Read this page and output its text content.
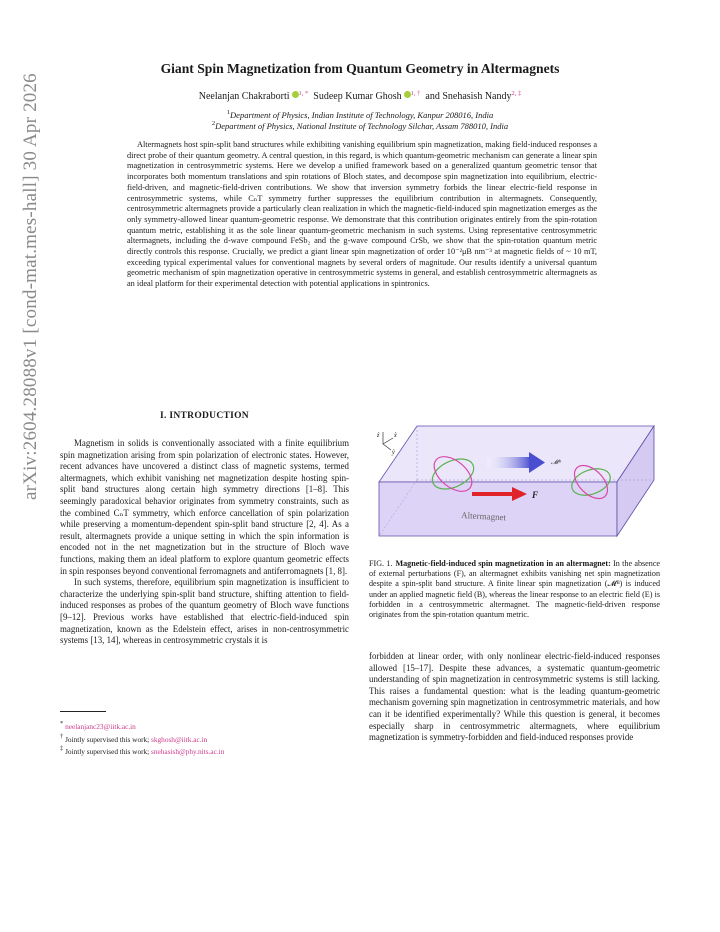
arXiv:2604.28088v1 [cond-mat.mes-hall] 30 Apr 2026
Giant Spin Magnetization from Quantum Geometry in Altermagnets
Neelanjan Chakraborti $^{1, *}$ Sudeep Kumar Ghosh $^{1, \dagger}$ and Snehasish Nandy$^{2, \ddagger}$
$^1$Department of Physics, Indian Institute of Technology, Kanpur 208016, India
$^2$Department of Physics, National Institute of Technology Silchar, Assam 788010, India
Altermagnets host spin-split band structures while exhibiting vanishing equilibrium spin magnetization, making field-induced responses a direct probe of their quantum geometry. A central question, in this regard, is which quantum-geometric mechanism can generate a linear spin magnetization in centrosymmetric systems. Here we develop a unified framework based on a generalized quantum geometric tensor that incorporates both momentum translations and spin rotations of Bloch states, and decompose spin magnetization into equilibrium, electric-field-driven, and magnetic-field-driven contributions. We show that inversion symmetry forbids the linear electric-field response in centrosymmetric systems, while CₙT symmetry further suppresses the equilibrium contribution in altermagnets. Consequently, centrosymmetric altermagnets provide a particularly clean realization in which the magnetic-field-induced spin magnetization emerges as the only symmetry-allowed linear quantum-geometric response. We demonstrate that this contribution originates entirely from the spin-rotation quantum metric, establishing it as the sole linear quantum-geometric mechanism in such systems. Using representative centrosymmetric altermagnets, including the d-wave compound FeSb₂ and the g-wave compound CrSb, we show that the spin-rotation quantum metric directly controls this response. Crucially, we predict a giant linear spin magnetization of order 10⁻²μB nm⁻³ at magnetic fields of ~ 10 mT, exceeding typical experimental values for conventional magnets by several orders of magnitude. Our results identify a universal quantum geometric mechanism of spin magnetization operative in centrosymmetric systems in general, and establish centrosymmetric altermagnets as an ideal platform for their experimental detection with potential applications in spintronics.
I. INTRODUCTION

Magnetism in solids is conventionally associated with a finite equilibrium spin magnetization arising from spin polarization of electronic states. However, recent advances have uncovered a distinct class of magnetic systems, termed altermagnets, which exhibit vanishing net magnetization despite hosting spin-split band structures along certain high symmetry directions [1–8]. This seemingly paradoxical behavior originates from symmetry constraints, such as the combined CₙT symmetry, which enforce cancellation of spin polarization while preserving a momentum-dependent spin-split band structure [2, 4]. As a result, altermagnets provide a unique setting in which the spin information is encoded not in the net magnetization but in the structure of Bloch wave functions, making them an ideal platform to explore quantum geometric effects in spin responses beyond conventional ferromagnets and antiferromagnets [1, 8].

In such systems, therefore, equilibrium spin magnetization is insufficient to characterize the underlying spin-split band structure, shifting attention to field-induced responses as probes of the quantum geometry of Bloch wave functions [9–12]. Previous works have established that electric-field-induced spin magnetization, known as the Edelstein effect, arises in non-centrosymmetric systems [13, 14], whereas in centrosymmetric crystals it is

* neelanjanc23@iitk.ac.in
† Jointly supervised this work; skghosh@iitk.ac.in
‡ Jointly supervised this work; snehasish@phy.nits.ac.in
ẑ x̂
ŷ
𝓜ᴮ
F
Altermagnet
FIG. 1. Magnetic-field-induced spin magnetization in an altermagnet: In the absence of external perturbations (F), an altermagnet exhibits vanishing net spin magnetization despite a spin-split band structure. A finite linear spin magnetization (𝓜ᴮ) is induced under an applied magnetic field (B), whereas the linear response to an electric field (E) is forbidden in a centrosymmetric altermagnet. The magnetic-field-driven response originates from the spin-rotation quantum metric.

forbidden at linear order, with only nonlinear electric-field-induced responses allowed [15–17]. Despite these advances, a systematic quantum-geometric understanding of spin magnetization in centrosymmetric systems is still lacking. This raises a fundamental question: what is the leading quantum-geometric mechanism governing spin magnetization in centrosymmetric materials, and how can it be identified experimentally? While this question is general, it becomes especially sharp in centrosymmetric altermagnets, where equilibrium magnetization is symmetry-forbidden and field-induced responses provide
